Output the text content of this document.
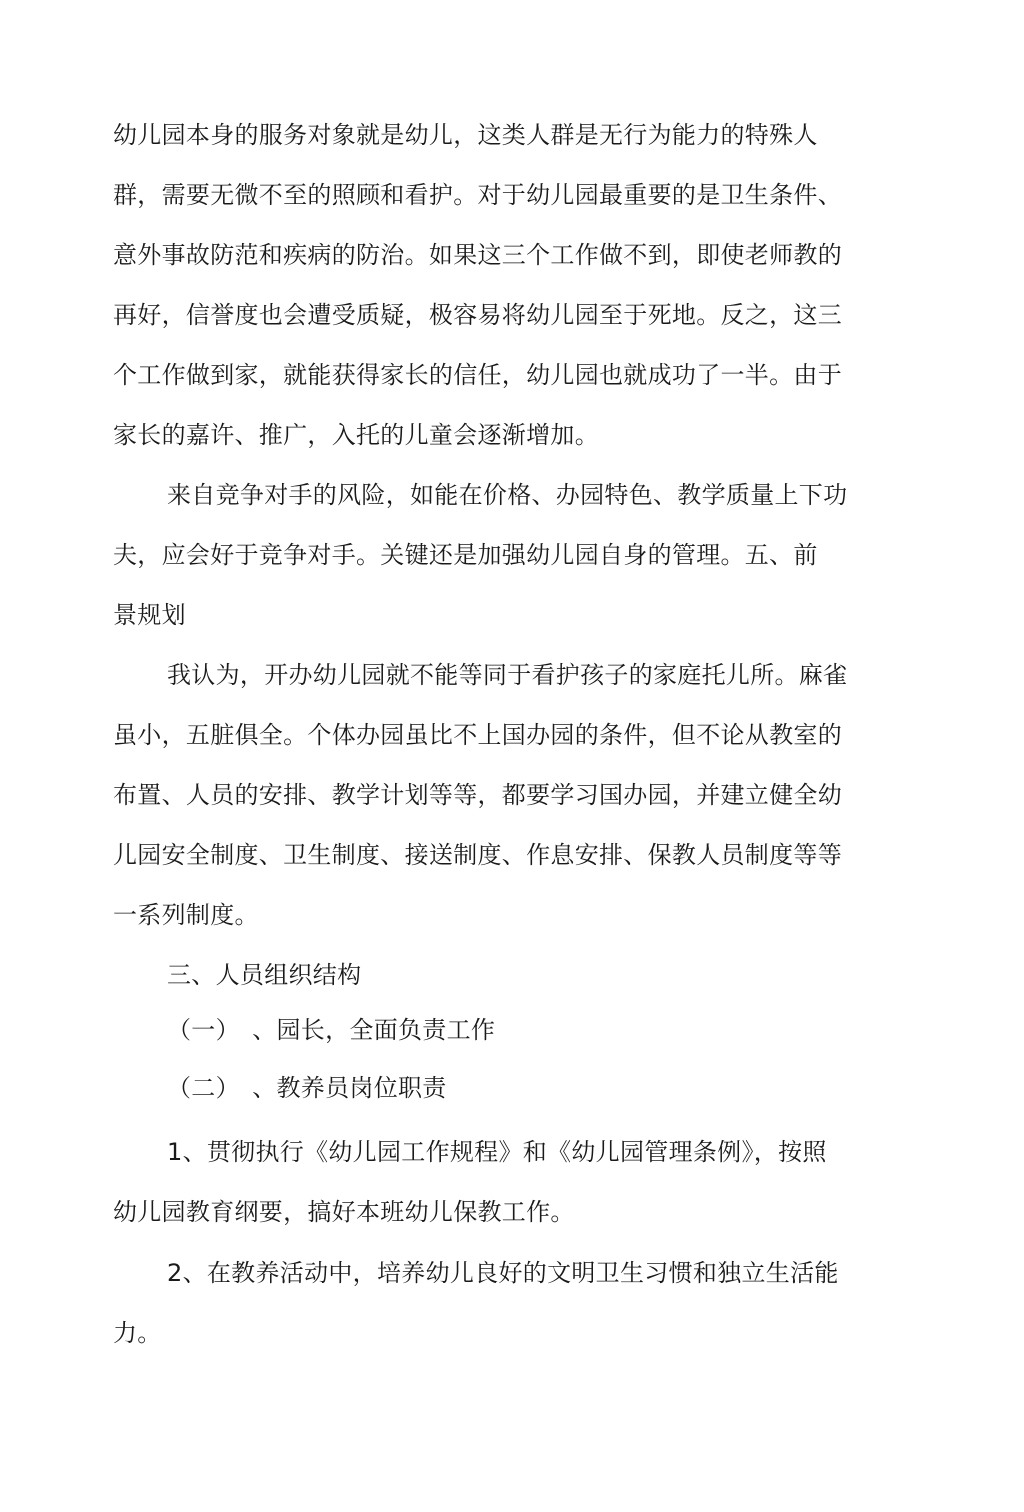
幼儿园本身的服务对象就是幼儿，这类人群是无行为能力的特殊人
群，需要无微不至的照顾和看护。对于幼儿园最重要的是卫生条件、
意外事故防范和疾病的防治。如果这三个工作做不到，即使老师教的
再好，信誉度也会遭受质疑，极容易将幼儿园至于死地。反之，这三
个工作做到家，就能获得家长的信任，幼儿园也就成功了一半。由于
家长的嘉许、推广，入托的儿童会逐渐增加。
来自竞争对手的风险，如能在价格、办园特色、教学质量上下功
夫，应会好于竞争对手。关键还是加强幼儿园自身的管理。五、前
景规划
我认为，开办幼儿园就不能等同于看护孩子的家庭托儿所。麻雀
虽小，五脏俱全。个体办园虽比不上国办园的条件，但不论从教室的
布置、人员的安排、教学计划等等，都要学习国办园，并建立健全幼
儿园安全制度、卫生制度、接送制度、作息安排、保教人员制度等等
一系列制度。
三、人员组织结构
（一）　、园长，全面负责工作
（二）　、教养员岗位职责
1、贯彻执行《幼儿园工作规程》和《幼儿园管理条例》，按照
幼儿园教育纲要，搞好本班幼儿保教工作。
2、在教养活动中，培养幼儿良好的文明卫生习惯和独立生活能
力。
